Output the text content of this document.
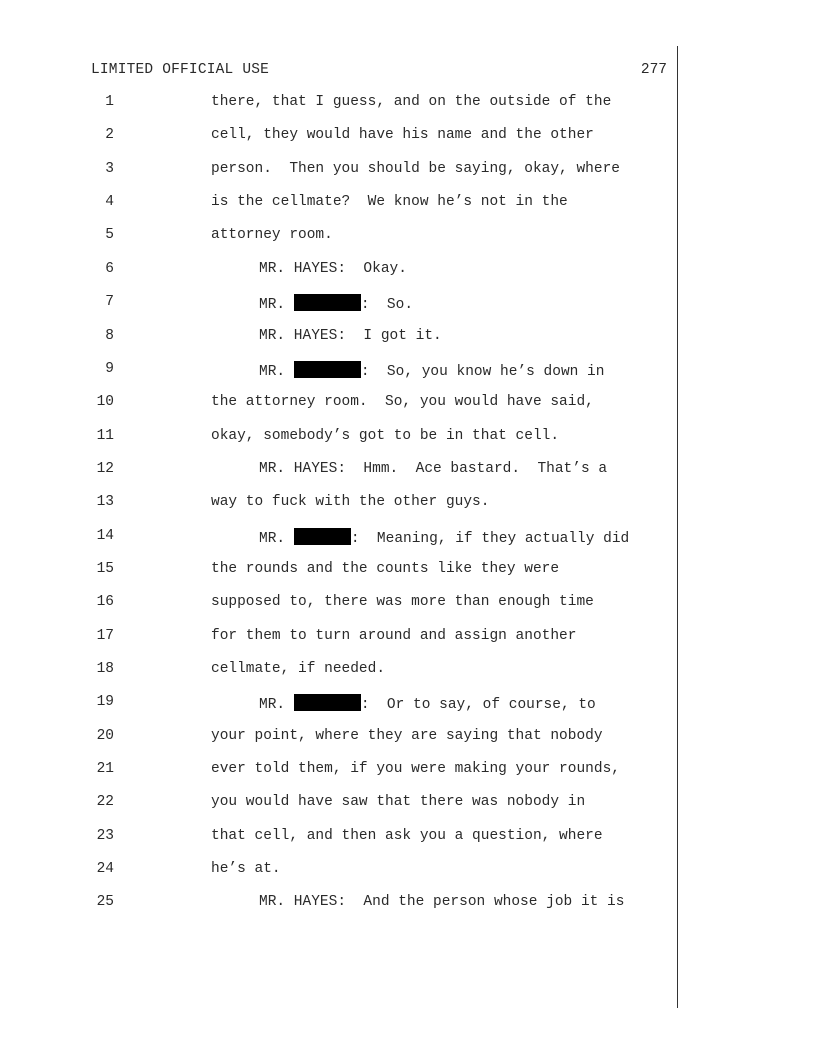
LIMITED OFFICIAL USE	277
1	there, that I guess, and on the outside of the
2	cell, they would have his name and the other
3	person.  Then you should be saying, okay, where
4	is the cellmate?  We know he’s not in the
5	attorney room.
6	MR. HAYES:  Okay.
7	MR.	:  So.
8	MR. HAYES:  I got it.
9	MR.	:  So, you know he’s down in
10	the attorney room.  So, you would have said,
11	okay, somebody’s got to be in that cell.
12	MR. HAYES:  Hmm.  Ace bastard.  That’s a
13	way to fuck with the other guys.
14	MR.	:  Meaning, if they actually did
15	the rounds and the counts like they were
16	supposed to, there was more than enough time
17	for them to turn around and assign another
18	cellmate, if needed.
19	MR.	:  Or to say, of course, to
20	your point, where they are saying that nobody
21	ever told them, if you were making your rounds,
22	you would have saw that there was nobody in
23	that cell, and then ask you a question, where
24	he’s at.
25	MR. HAYES:  And the person whose job it is
